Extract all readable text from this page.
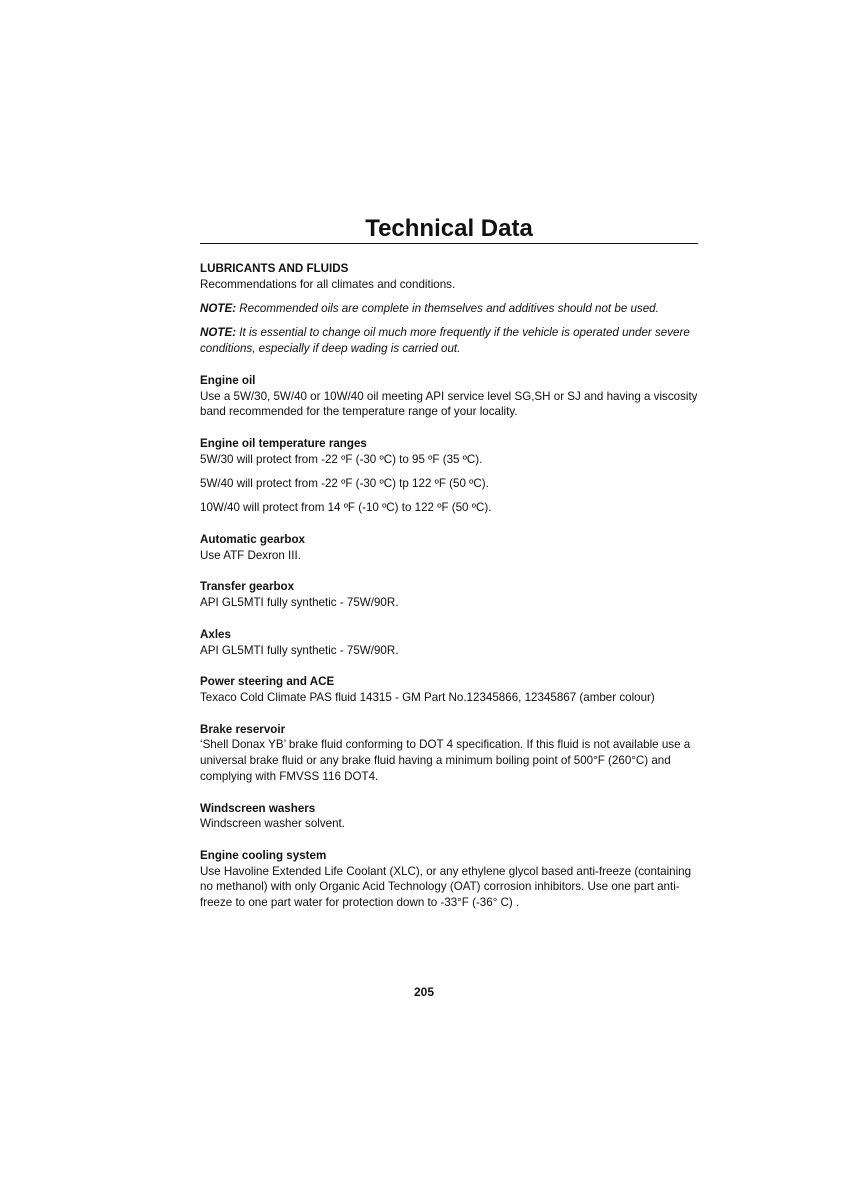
Technical Data

LUBRICANTS AND FLUIDS

Recommendations for all climates and conditions.

NOTE: Recommended oils are complete in themselves and additives should not be used.

NOTE: It is essential to change oil much more frequently if the vehicle is operated under severe conditions, especially if deep wading is carried out.

Engine oil

Use a 5W/30, 5W/40 or 10W/40 oil meeting API service level SG,SH or SJ and having a viscosity band recommended for the temperature range of your locality.

Engine oil temperature ranges

5W/30 will protect from -22 ºF (-30 ºC) to 95 ºF (35 ºC).

5W/40 will protect from -22 ºF (-30 ºC) tp 122 ºF (50 ºC).

10W/40 will protect from 14 ºF (-10 ºC) to 122 ºF (50 ºC).

Automatic gearbox

Use ATF Dexron III.

Transfer gearbox

API GL5MTI fully synthetic - 75W/90R.

Axles

API GL5MTI fully synthetic - 75W/90R.

Power steering and ACE

Texaco Cold Climate PAS fluid 14315 - GM Part No.12345866, 12345867 (amber colour)

Brake reservoir

‘Shell Donax YB’ brake fluid conforming to DOT 4 specification. If this fluid is not available use a universal brake fluid or any brake fluid having a minimum boiling point of 500°F (260°C) and complying with FMVSS 116 DOT4.

Windscreen washers

Windscreen washer solvent.

Engine cooling system

Use Havoline Extended Life Coolant (XLC), or any ethylene glycol based anti-freeze (containing no methanol) with only Organic Acid Technology (OAT) corrosion inhibitors. Use one part anti-freeze to one part water for protection down to -33°F (-36° C) .

205
